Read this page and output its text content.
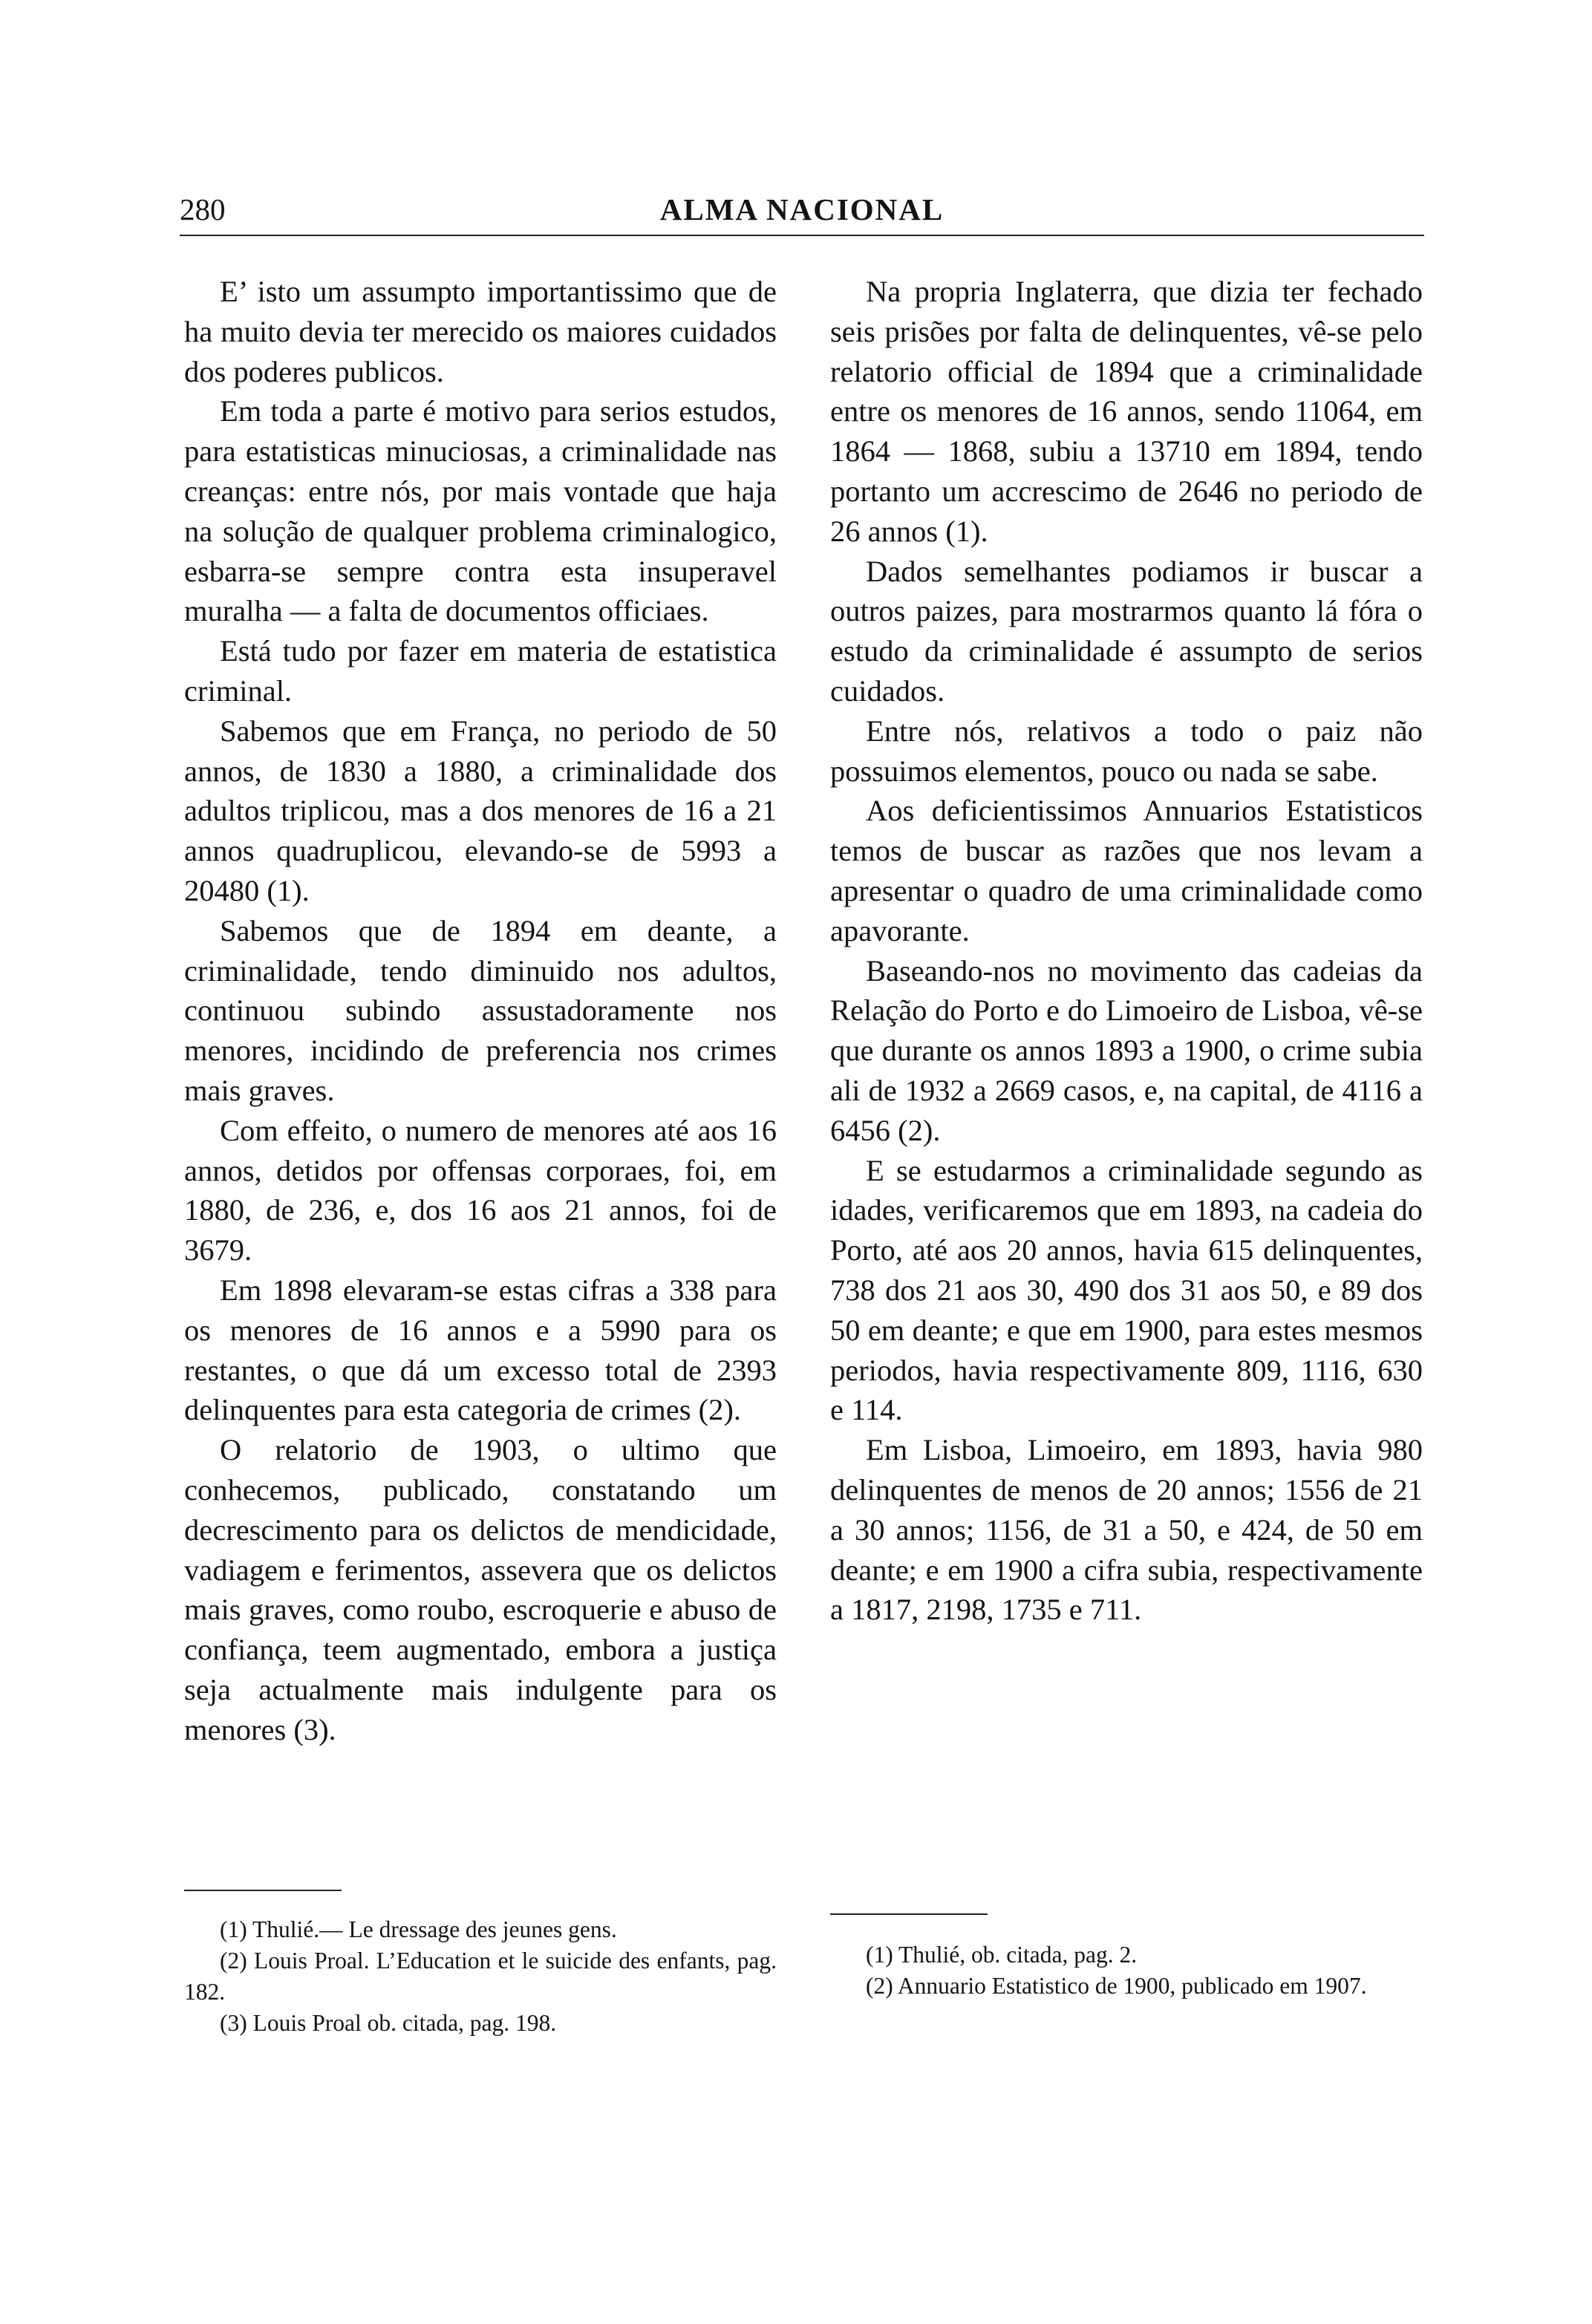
280	ALMA NACIONAL

E’ isto um assumpto importantissimo que de ha muito devia ter merecido os maiores cuidados dos poderes publicos.

Em toda a parte é motivo para serios estudos, para estatisticas minuciosas, a criminalidade nas creanças: entre nós, por mais vontade que haja na solução de qualquer problema criminalogico, esbarra-se sempre contra esta insuperavel muralha — a falta de documentos officiaes.

Está tudo por fazer em materia de estatistica criminal.

Sabemos que em França, no periodo de 50 annos, de 1830 a 1880, a criminalidade dos adultos triplicou, mas a dos menores de 16 a 21 annos quadruplicou, elevando-se de 5993 a 20480 (1).

Sabemos que de 1894 em deante, a criminalidade, tendo diminuido nos adultos, continuou subindo assustadoramente nos menores, incidindo de preferencia nos crimes mais graves.

Com effeito, o numero de menores até aos 16 annos, detidos por offensas corporaes, foi, em 1880, de 236, e, dos 16 aos 21 annos, foi de 3679.

Em 1898 elevaram-se estas cifras a 338 para os menores de 16 annos e a 5990 para os restantes, o que dá um excesso total de 2393 delinquentes para esta categoria de crimes (2).

O relatorio de 1903, o ultimo que conhecemos, publicado, constatando um decrescimento para os delictos de mendicidade, vadiagem e ferimentos, assevera que os delictos mais graves, como roubo, escroquerie e abuso de confiança, teem augmentado, embora a justiça seja actualmente mais indulgente para os menores (3).

Na propria Inglaterra, que dizia ter fechado seis prisões por falta de delinquentes, vê-se pelo relatorio official de 1894 que a criminalidade entre os menores de 16 annos, sendo 11064, em 1864 — 1868, subiu a 13710 em 1894, tendo portanto um accrescimo de 2646 no periodo de 26 annos (1).

Dados semelhantes podiamos ir buscar a outros paizes, para mostrarmos quanto lá fóra o estudo da criminalidade é assumpto de serios cuidados.

Entre nós, relativos a todo o paiz não possuimos elementos, pouco ou nada se sabe.

Aos deficientissimos Annuarios Estatisticos temos de buscar as razões que nos levam a apresentar o quadro de uma criminalidade como apavorante.

Baseando-nos no movimento das cadeias da Relação do Porto e do Limoeiro de Lisboa, vê-se que durante os annos 1893 a 1900, o crime subia ali de 1932 a 2669 casos, e, na capital, de 4116 a 6456 (2).

E se estudarmos a criminalidade segundo as idades, verificaremos que em 1893, na cadeia do Porto, até aos 20 annos, havia 615 delinquentes, 738 dos 21 aos 30, 490 dos 31 aos 50, e 89 dos 50 em deante; e que em 1900, para estes mesmos periodos, havia respectivamente 809, 1116, 630 e 114.

Em Lisboa, Limoeiro, em 1893, havia 980 delinquentes de menos de 20 annos; 1556 de 21 a 30 annos; 1156, de 31 a 50, e 424, de 50 em deante; e em 1900 a cifra subia, respectivamente a 1817, 2198, 1735 e 711.

(1) Thulié.— Le dressage des jeunes gens.

(2) Louis Proal. L’Education et le suicide des enfants, pag. 182.

(3) Louis Proal ob. citada, pag. 198.

(1) Thulié, ob. citada, pag. 2.

(2) Annuario Estatistico de 1900, publicado em 1907.
